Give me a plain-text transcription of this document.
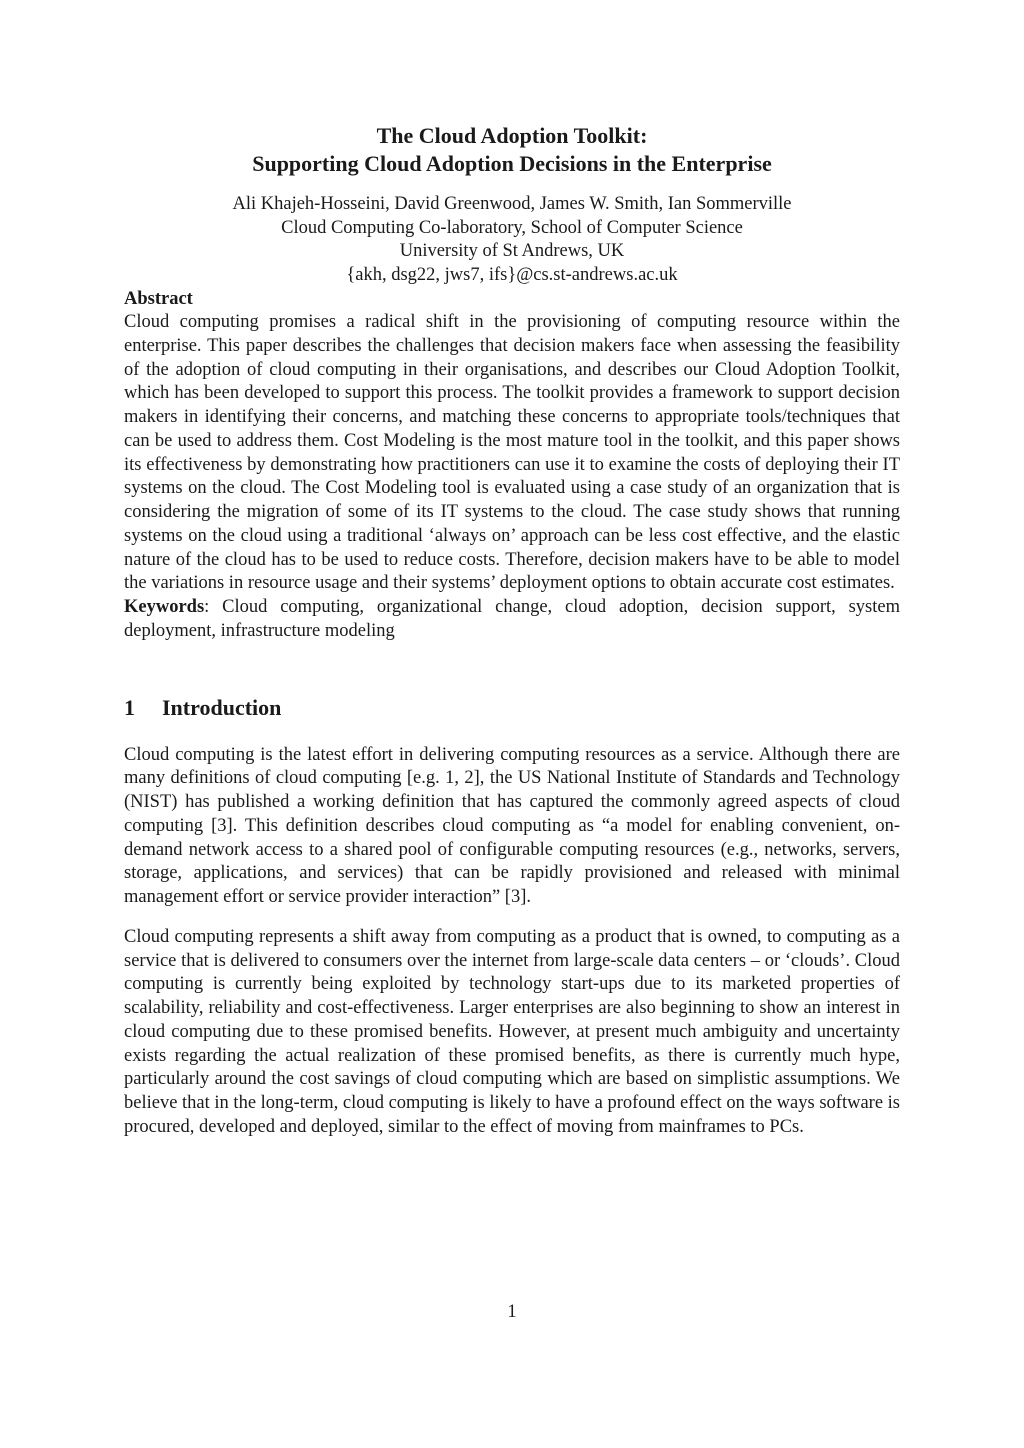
The Cloud Adoption Toolkit:
Supporting Cloud Adoption Decisions in the Enterprise
Ali Khajeh-Hosseini, David Greenwood, James W. Smith, Ian Sommerville
Cloud Computing Co-laboratory, School of Computer Science
University of St Andrews, UK
{akh, dsg22, jws7, ifs}@cs.st-andrews.ac.uk
Abstract

Cloud computing promises a radical shift in the provisioning of computing resource within the enterprise. This paper describes the challenges that decision makers face when assessing the feasibility of the adoption of cloud computing in their organisations, and describes our Cloud Adoption Toolkit, which has been developed to support this process. The toolkit provides a framework to support decision makers in identifying their concerns, and matching these concerns to appropriate tools/techniques that can be used to address them. Cost Modeling is the most mature tool in the toolkit, and this paper shows its effectiveness by demonstrating how practitioners can use it to examine the costs of deploying their IT systems on the cloud. The Cost Modeling tool is evaluated using a case study of an organization that is considering the migration of some of its IT systems to the cloud. The case study shows that running systems on the cloud using a traditional ‘always on’ approach can be less cost effective, and the elastic nature of the cloud has to be used to reduce costs. Therefore, decision makers have to be able to model the variations in resource usage and their systems’ deployment options to obtain accurate cost estimates.

Keywords: Cloud computing, organizational change, cloud adoption, decision support, system deployment, infrastructure modeling

1 Introduction

Cloud computing is the latest effort in delivering computing resources as a service. Although there are many definitions of cloud computing [e.g. 1, 2], the US National Institute of Standards and Technology (NIST) has published a working definition that has captured the commonly agreed aspects of cloud computing [3]. This definition describes cloud computing as “a model for enabling convenient, on-demand network access to a shared pool of configurable computing resources (e.g., networks, servers, storage, applications, and services) that can be rapidly provisioned and released with minimal management effort or service provider interaction” [3].

Cloud computing represents a shift away from computing as a product that is owned, to computing as a service that is delivered to consumers over the internet from large-scale data centers – or ‘clouds’. Cloud computing is currently being exploited by technology start-ups due to its marketed properties of scalability, reliability and cost-effectiveness. Larger enterprises are also beginning to show an interest in cloud computing due to these promised benefits. However, at present much ambiguity and uncertainty exists regarding the actual realization of these promised benefits, as there is currently much hype, particularly around the cost savings of cloud computing which are based on simplistic assumptions. We believe that in the long-term, cloud computing is likely to have a profound effect on the ways software is procured, developed and deployed, similar to the effect of moving from mainframes to PCs.

1
